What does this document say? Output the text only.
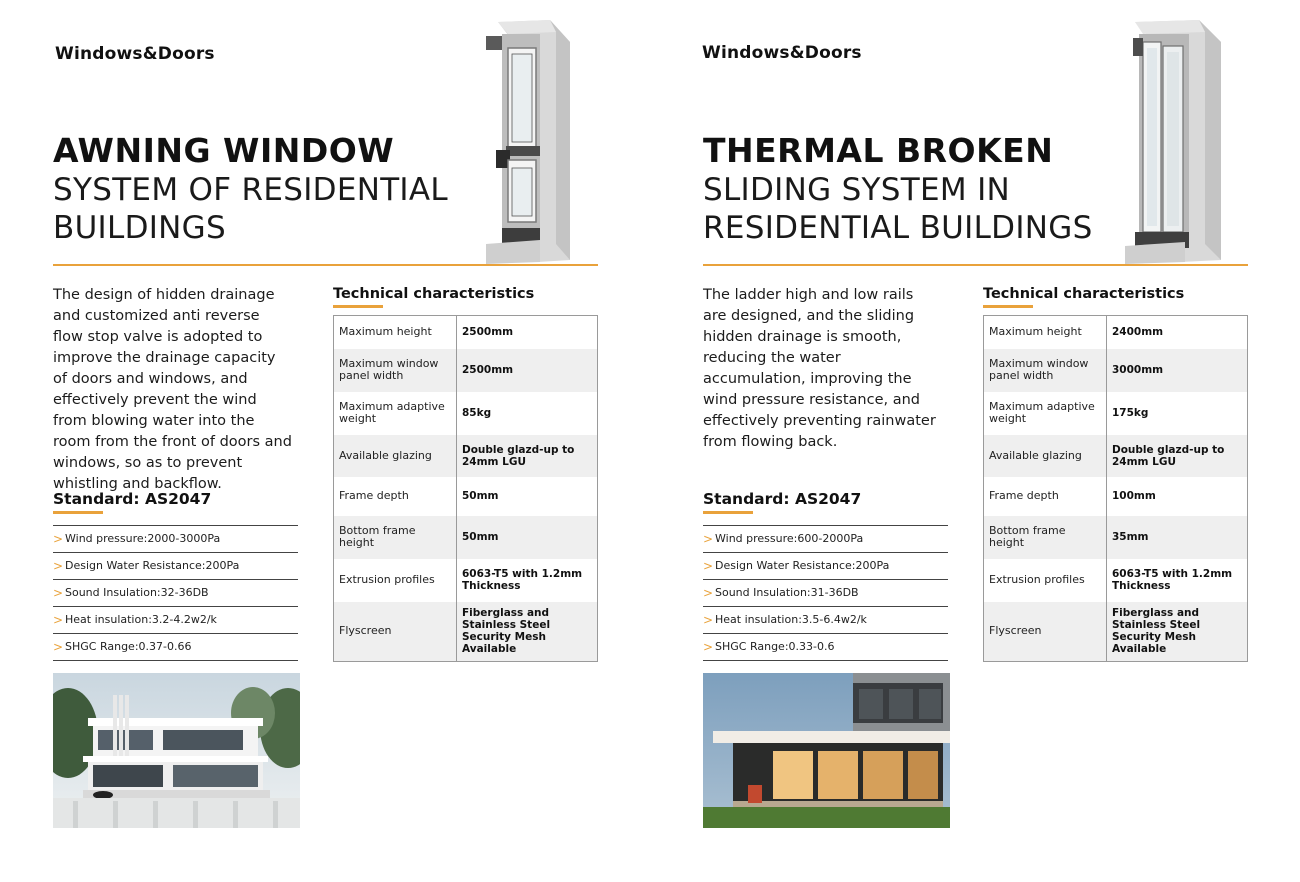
Windows&Doors

AWNING WINDOW

SYSTEM OF RESIDENTIAL

BUILDINGS

The design of hidden drainage and customized anti reverse flow stop valve is adopted to improve the drainage capacity of doors and windows, and effectively prevent the wind from blowing water into the room from the front of doors and windows, so as to prevent whistling and backflow.

Standard: AS2047
> Wind pressure:2000-3000Pa
> Design Water Resistance:200Pa
> Sound Insulation:32-36DB
> Heat insulation:3.2-4.2w2/k
> SHGC Range:0.37-0.66
Technical characteristics
Maximum height	2500mm
Maximum window panel width	2500mm
Maximum adaptive weight	85kg
Available glazing	Double glazd-up to 24mm LGU
Frame depth	50mm
Bottom frame height	50mm
Extrusion profiles	6063-T5 with 1.2mm Thickness
Flyscreen	Fiberglass and Stainless Steel Security Mesh Available
Windows&Doors

THERMAL BROKEN

SLIDING SYSTEM IN

RESIDENTIAL BUILDINGS

The ladder high and low rails are designed, and the sliding hidden drainage is smooth, reducing the water accumulation, improving the wind pressure resistance, and effectively preventing rainwater from flowing back.

Standard: AS2047
> Wind pressure:600-2000Pa
> Design Water Resistance:200Pa
> Sound Insulation:31-36DB
> Heat insulation:3.5-6.4w2/k
> SHGC Range:0.33-0.6
Technical characteristics
Maximum height	2400mm
Maximum window panel width	3000mm
Maximum adaptive weight	175kg
Available glazing	Double glazd-up to 24mm LGU
Frame depth	100mm
Bottom frame height	35mm
Extrusion profiles	6063-T5 with 1.2mm Thickness
Flyscreen	Fiberglass and Stainless Steel Security Mesh Available
